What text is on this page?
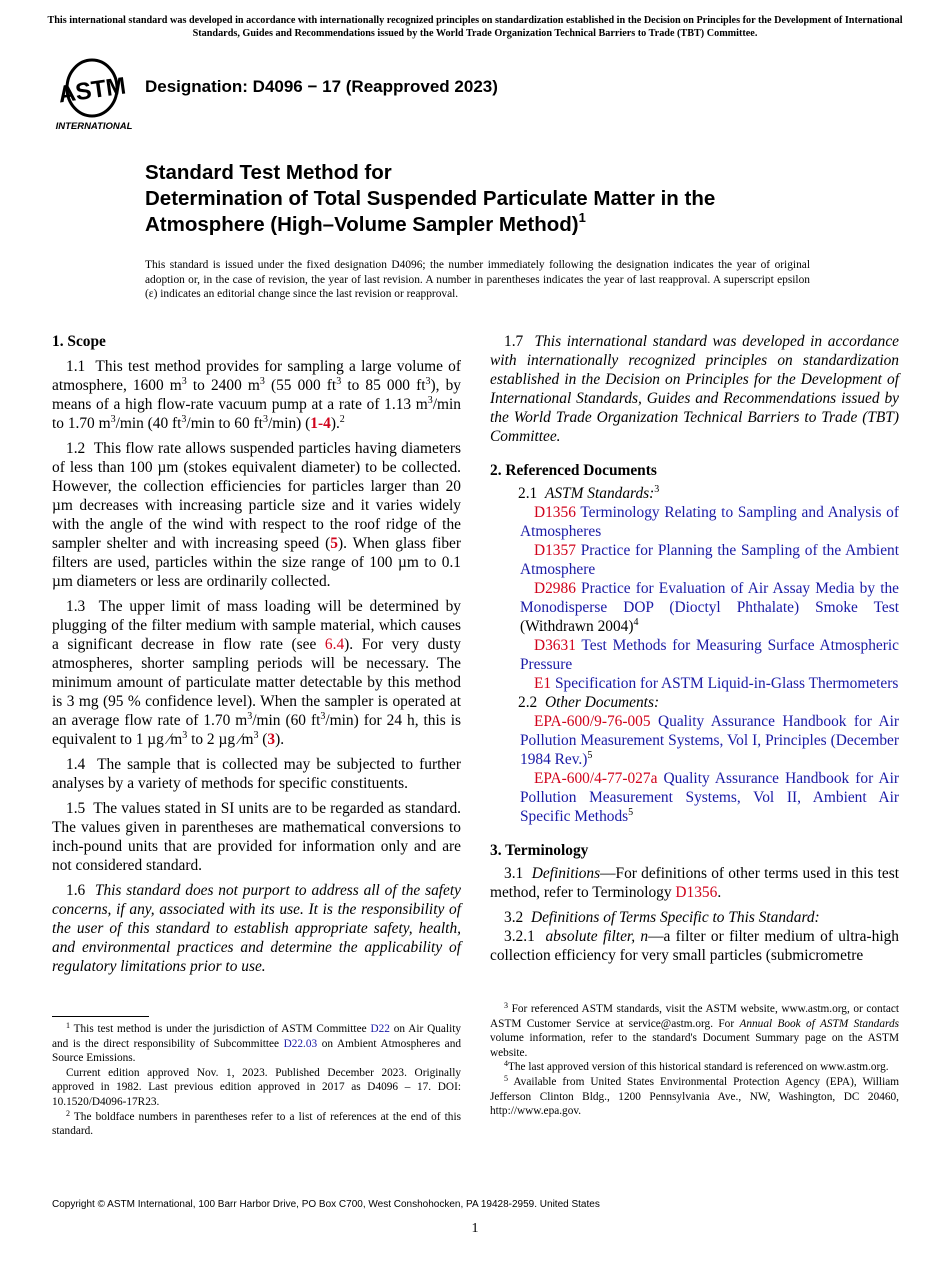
This international standard was developed in accordance with internationally recognized principles on standardization established in the Decision on Principles for the Development of International Standards, Guides and Recommendations issued by the World Trade Organization Technical Barriers to Trade (TBT) Committee.
ASTM
INTERNATIONAL
Designation: D4096 − 17 (Reapproved 2023)
Standard Test Method for
Determination of Total Suspended Particulate Matter in the
Atmosphere (High–Volume Sampler Method)$^1$
This standard is issued under the fixed designation D4096; the number immediately following the designation indicates the year of original adoption or, in the case of revision, the year of last revision. A number in parentheses indicates the year of last reapproval. A superscript epsilon (ε) indicates an editorial change since the last revision or reapproval.
1. Scope

1.1 This test method provides for sampling a large volume of atmosphere, 1600 $m^3$ to 2400 $m^3$ (55 000 $ft^3$ to 85 000 $ft^3$), by means of a high flow-rate vacuum pump at a rate of 1.13 $m^3/\min$ to 1.70 $m^3/\min$ (40 $ft^3/\min$ to 60 $ft^3/\min$) (1-4).$^2$

1.2 This flow rate allows suspended particles having diameters of less than 100 µm (stokes equivalent diameter) to be collected. However, the collection efficiencies for particles larger than 20 µm decreases with increasing particle size and it varies widely with the angle of the wind with respect to the roof ridge of the sampler shelter and with increasing speed (5). When glass fiber filters are used, particles within the size range of 100 µm to 0.1 µm diameters or less are ordinarily collected.

1.3 The upper limit of mass loading will be determined by plugging of the filter medium with sample material, which causes a significant decrease in flow rate (see 6.4). For very dusty atmospheres, shorter sampling periods will be necessary. The minimum amount of particulate matter detectable by this method is 3 mg (95 % confidence level). When the sampler is operated at an average flow rate of 1.70 $m^3/\min$ (60 $ft^3/\min$) for 24 h, this is equivalent to 1 µg $⁄m^3$ to 2 µg $⁄m^3$ (3).

1.4 The sample that is collected may be subjected to further analyses by a variety of methods for specific constituents.

1.5 The values stated in SI units are to be regarded as standard. The values given in parentheses are mathematical conversions to inch-pound units that are provided for information only and are not considered standard.

1.6 This standard does not purport to address all of the safety concerns, if any, associated with its use. It is the responsibility of the user of this standard to establish appropriate safety, health, and environmental practices and determine the applicability of regulatory limitations prior to use.

1.7 This international standard was developed in accordance with internationally recognized principles on standardization established in the Decision on Principles for the Development of International Standards, Guides and Recommendations issued by the World Trade Organization Technical Barriers to Trade (TBT) Committee.

2. Referenced Documents

2.1 ASTM Standards:$^3$

D1356 Terminology Relating to Sampling and Analysis of Atmospheres

D1357 Practice for Planning the Sampling of the Ambient Atmosphere

D2986 Practice for Evaluation of Air Assay Media by the Monodisperse DOP (Dioctyl Phthalate) Smoke Test (Withdrawn 2004)$^4$

D3631 Test Methods for Measuring Surface Atmospheric Pressure

E1 Specification for ASTM Liquid-in-Glass Thermometers

2.2 Other Documents:

EPA-600/9-76-005 Quality Assurance Handbook for Air Pollution Measurement Systems, Vol I, Principles (December 1984 Rev.)$^5$

EPA-600/4-77-027a Quality Assurance Handbook for Air Pollution Measurement Systems, Vol II, Ambient Air Specific Methods$^5$

3. Terminology

3.1 Definitions—For definitions of other terms used in this test method, refer to Terminology D1356.

3.2 Definitions of Terms Specific to This Standard:

3.2.1 absolute filter, n—a filter or filter medium of ultra-high collection efficiency for very small particles (submicrometre

$^1$ This test method is under the jurisdiction of ASTM Committee D22 on Air Quality and is the direct responsibility of Subcommittee D22.03 on Ambient Atmospheres and Source Emissions.

Current edition approved Nov. 1, 2023. Published December 2023. Originally approved in 1982. Last previous edition approved in 2017 as D4096 – 17. DOI: 10.1520/D4096-17R23.

$^2$ The boldface numbers in parentheses refer to a list of references at the end of this standard.

$^3$ For referenced ASTM standards, visit the ASTM website, www.astm.org, or contact ASTM Customer Service at service@astm.org. For Annual Book of ASTM Standards volume information, refer to the standard's Document Summary page on the ASTM website.

$^4$The last approved version of this historical standard is referenced on www.astm.org.

$^5$ Available from United States Environmental Protection Agency (EPA), William Jefferson Clinton Bldg., 1200 Pennsylvania Ave., NW, Washington, DC 20460, http://www.epa.gov.

Copyright © ASTM International, 100 Barr Harbor Drive, PO Box C700, West Conshohocken, PA 19428-2959. United States
1
